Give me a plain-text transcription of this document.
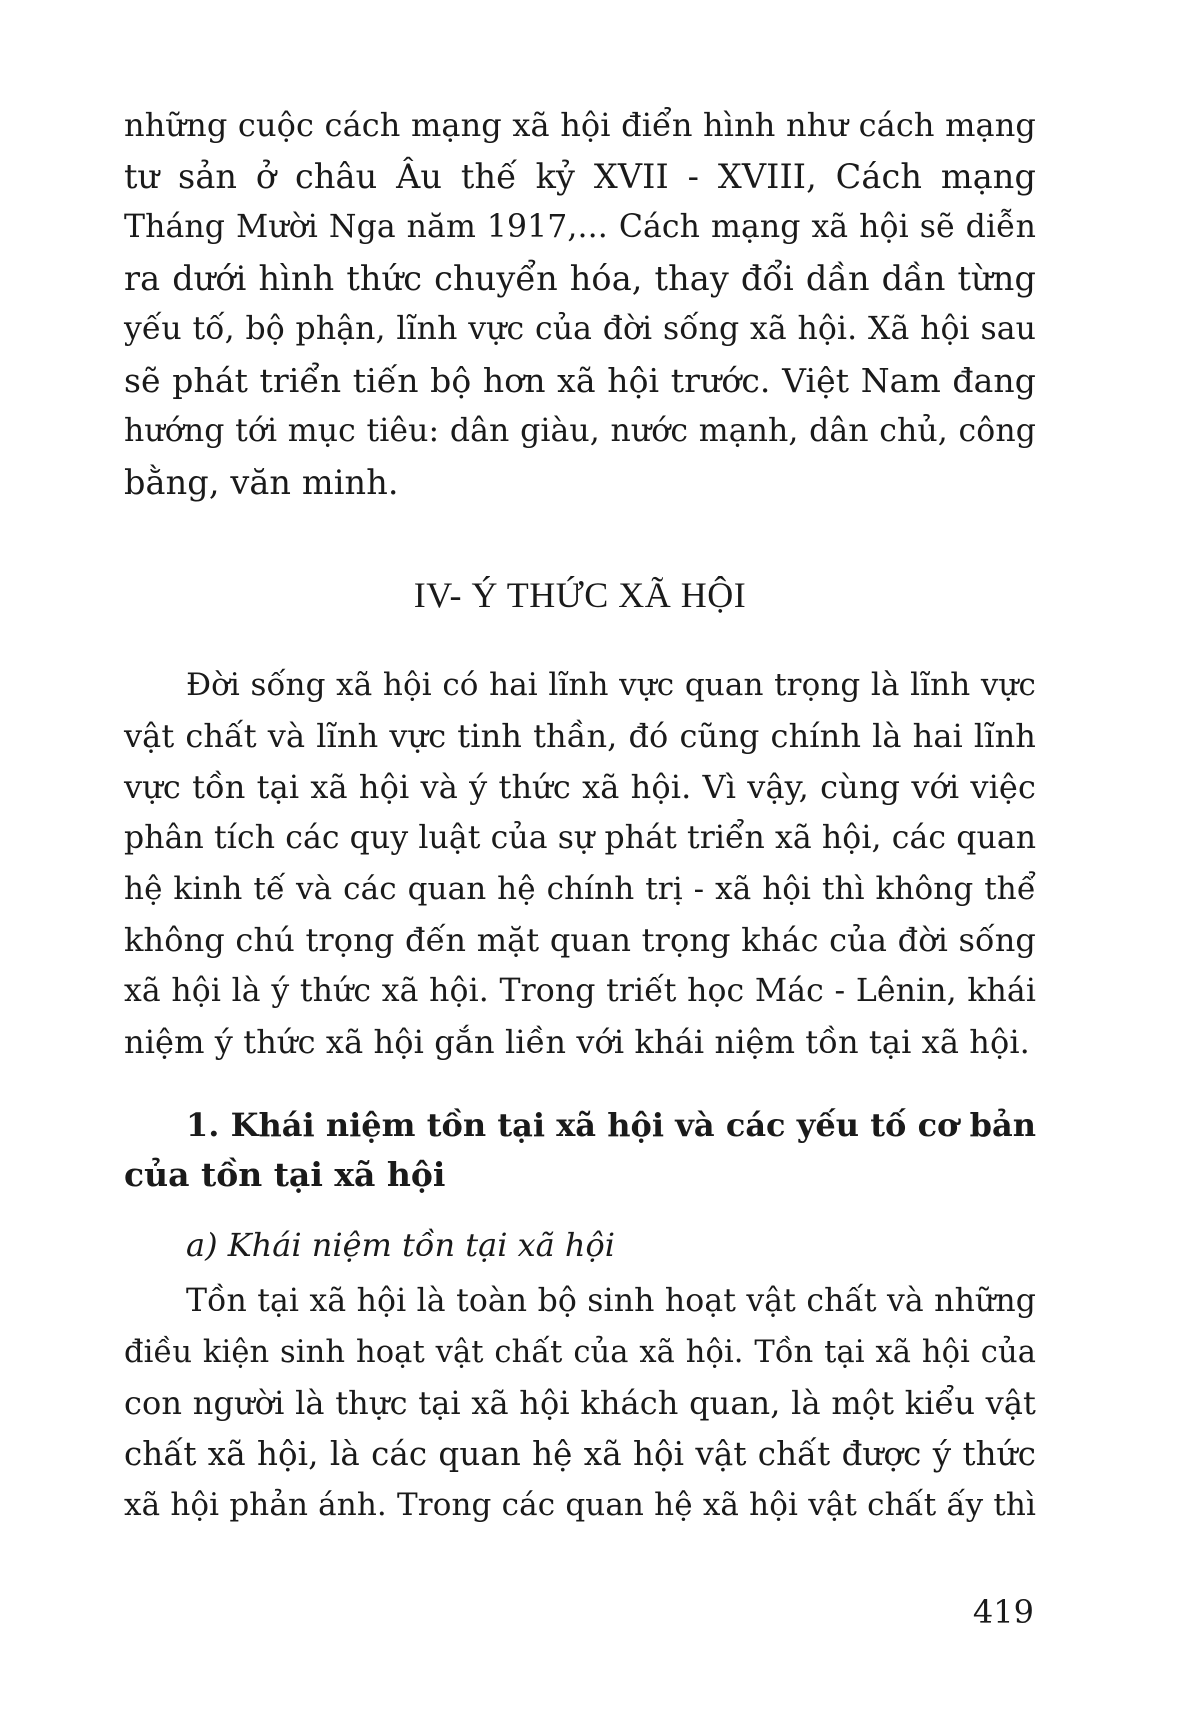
những cuộc cách mạng xã hội điển hình như cách mạng
tư sản ở châu Âu thế kỷ XVII - XVIII, Cách mạng
Tháng Mười Nga năm 1917,... Cách mạng xã hội sẽ diễn
ra dưới hình thức chuyển hóa, thay đổi dần dần từng
yếu tố, bộ phận, lĩnh vực của đời sống xã hội. Xã hội sau
sẽ phát triển tiến bộ hơn xã hội trước. Việt Nam đang
hướng tới mục tiêu: dân giàu, nước mạnh, dân chủ, công
bằng, văn minh.
IV- Ý THỨC XÃ HỘI
Đời sống xã hội có hai lĩnh vực quan trọng là lĩnh vực
vật chất và lĩnh vực tinh thần, đó cũng chính là hai lĩnh
vực tồn tại xã hội và ý thức xã hội. Vì vậy, cùng với việc
phân tích các quy luật của sự phát triển xã hội, các quan
hệ kinh tế và các quan hệ chính trị - xã hội thì không thể
không chú trọng đến mặt quan trọng khác của đời sống
xã hội là ý thức xã hội. Trong triết học Mác - Lênin, khái
niệm ý thức xã hội gắn liền với khái niệm tồn tại xã hội.
1. Khái niệm tồn tại xã hội và các yếu tố cơ bản
của tồn tại xã hội
a) Khái niệm tồn tại xã hội
Tồn tại xã hội là toàn bộ sinh hoạt vật chất và những
điều kiện sinh hoạt vật chất của xã hội. Tồn tại xã hội của
con người là thực tại xã hội khách quan, là một kiểu vật
chất xã hội, là các quan hệ xã hội vật chất được ý thức
xã hội phản ánh. Trong các quan hệ xã hội vật chất ấy thì
419
